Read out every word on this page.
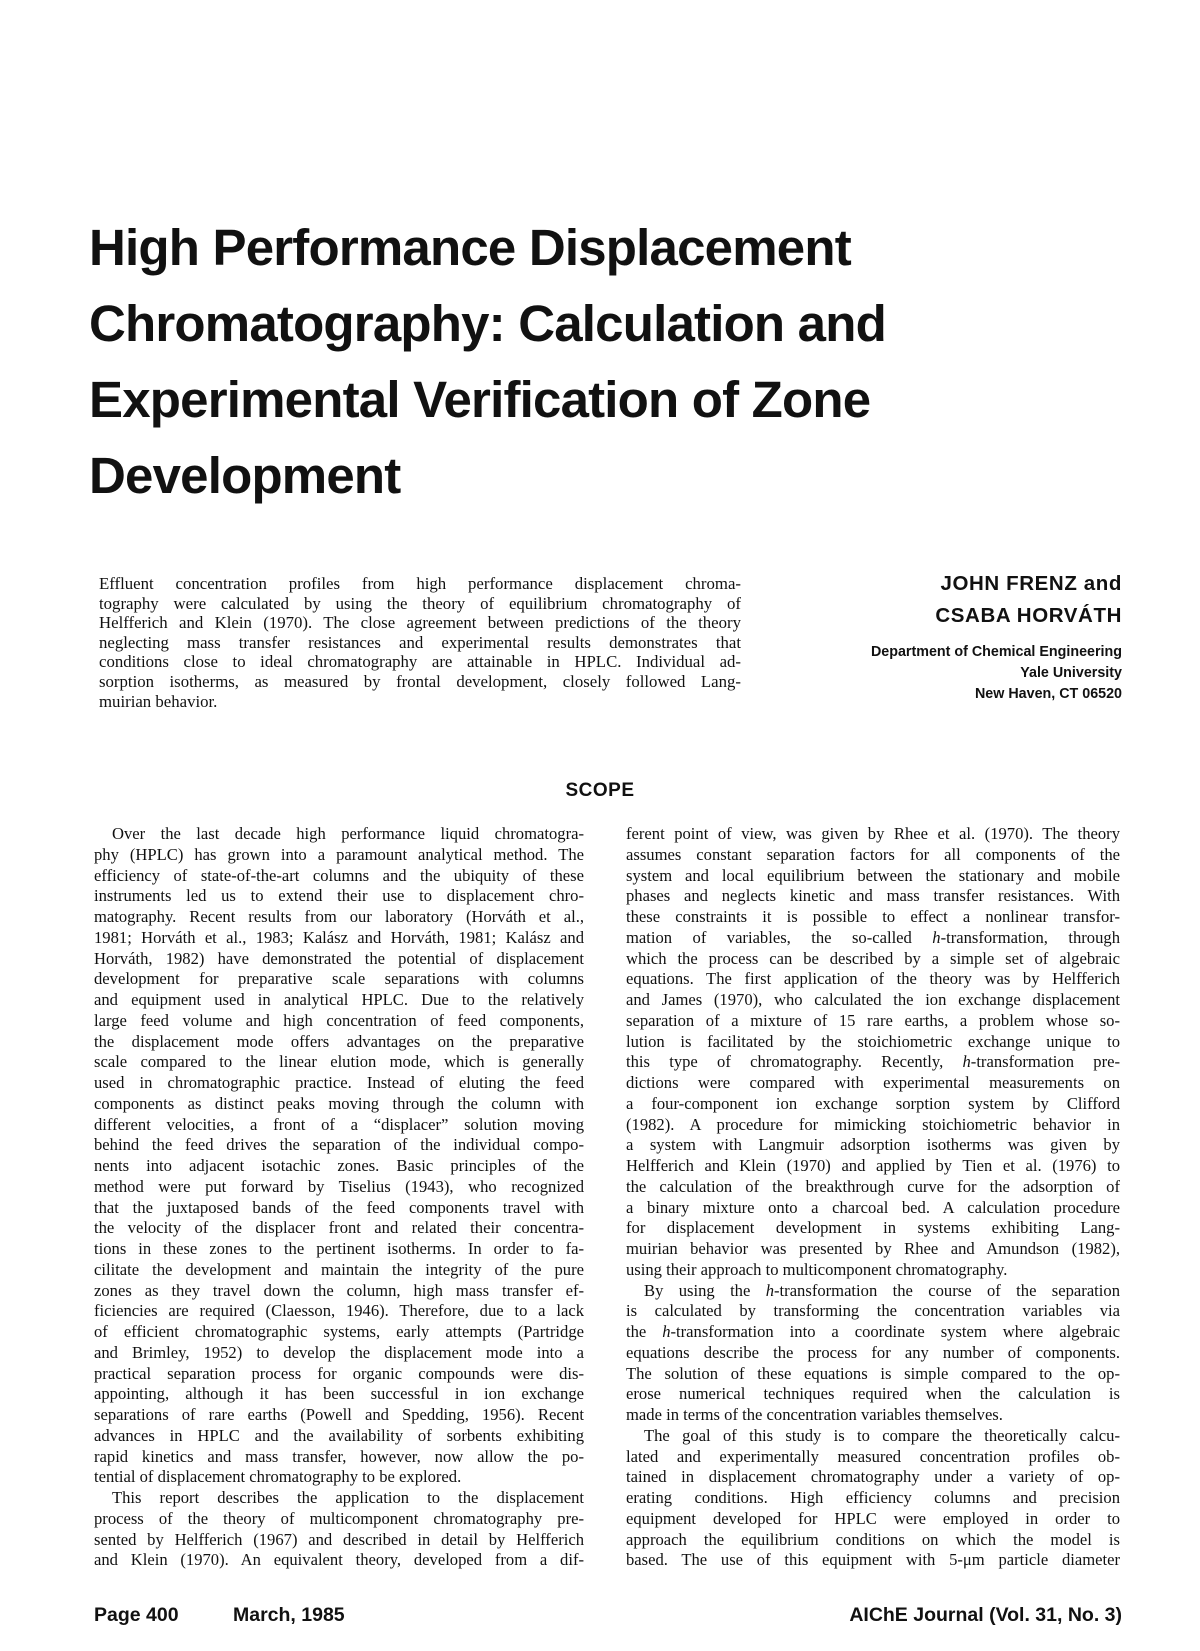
High Performance Displacement
Chromatography: Calculation and
Experimental Verification of Zone
Development
Effluent concentration profiles from high performance displacement chroma-
tography were calculated by using the theory of equilibrium chromatography of
Helfferich and Klein (1970). The close agreement between predictions of the theory
neglecting mass transfer resistances and experimental results demonstrates that
conditions close to ideal chromatography are attainable in HPLC. Individual ad-
sorption isotherms, as measured by frontal development, closely followed Lang-
muirian behavior.
JOHN FRENZ and
CSABA HORVÁTH
Department of Chemical Engineering
Yale University
New Haven, CT 06520
SCOPE
Over the last decade high performance liquid chromatogra-
phy (HPLC) has grown into a paramount analytical method. The
efficiency of state-of-the-art columns and the ubiquity of these
instruments led us to extend their use to displacement chro-
matography. Recent results from our laboratory (Horváth et al.,
1981; Horváth et al., 1983; Kalász and Horváth, 1981; Kalász and
Horváth, 1982) have demonstrated the potential of displacement
development for preparative scale separations with columns
and equipment used in analytical HPLC. Due to the relatively
large feed volume and high concentration of feed components,
the displacement mode offers advantages on the preparative
scale compared to the linear elution mode, which is generally
used in chromatographic practice. Instead of eluting the feed
components as distinct peaks moving through the column with
different velocities, a front of a “displacer” solution moving
behind the feed drives the separation of the individual compo-
nents into adjacent isotachic zones. Basic principles of the
method were put forward by Tiselius (1943), who recognized
that the juxtaposed bands of the feed components travel with
the velocity of the displacer front and related their concentra-
tions in these zones to the pertinent isotherms. In order to fa-
cilitate the development and maintain the integrity of the pure
zones as they travel down the column, high mass transfer ef-
ficiencies are required (Claesson, 1946). Therefore, due to a lack
of efficient chromatographic systems, early attempts (Partridge
and Brimley, 1952) to develop the displacement mode into a
practical separation process for organic compounds were dis-
appointing, although it has been successful in ion exchange
separations of rare earths (Powell and Spedding, 1956). Recent
advances in HPLC and the availability of sorbents exhibiting
rapid kinetics and mass transfer, however, now allow the po-
tential of displacement chromatography to be explored.
This report describes the application to the displacement
process of the theory of multicomponent chromatography pre-
sented by Helfferich (1967) and described in detail by Helfferich
and Klein (1970). An equivalent theory, developed from a dif-
ferent point of view, was given by Rhee et al. (1970). The theory
assumes constant separation factors for all components of the
system and local equilibrium between the stationary and mobile
phases and neglects kinetic and mass transfer resistances. With
these constraints it is possible to effect a nonlinear transfor-
mation of variables, the so-called h-transformation, through
which the process can be described by a simple set of algebraic
equations. The first application of the theory was by Helfferich
and James (1970), who calculated the ion exchange displacement
separation of a mixture of 15 rare earths, a problem whose so-
lution is facilitated by the stoichiometric exchange unique to
this type of chromatography. Recently, h-transformation pre-
dictions were compared with experimental measurements on
a four-component ion exchange sorption system by Clifford
(1982). A procedure for mimicking stoichiometric behavior in
a system with Langmuir adsorption isotherms was given by
Helfferich and Klein (1970) and applied by Tien et al. (1976) to
the calculation of the breakthrough curve for the adsorption of
a binary mixture onto a charcoal bed. A calculation procedure
for displacement development in systems exhibiting Lang-
muirian behavior was presented by Rhee and Amundson (1982),
using their approach to multicomponent chromatography.
By using the h-transformation the course of the separation
is calculated by transforming the concentration variables via
the h-transformation into a coordinate system where algebraic
equations describe the process for any number of components.
The solution of these equations is simple compared to the op-
erose numerical techniques required when the calculation is
made in terms of the concentration variables themselves.
The goal of this study is to compare the theoretically calcu-
lated and experimentally measured concentration profiles ob-
tained in displacement chromatography under a variety of op-
erating conditions. High efficiency columns and precision
equipment developed for HPLC were employed in order to
approach the equilibrium conditions on which the model is
based. The use of this equipment with 5-μm particle diameter
Page 400	March, 1985	AIChE Journal (Vol. 31, No. 3)
